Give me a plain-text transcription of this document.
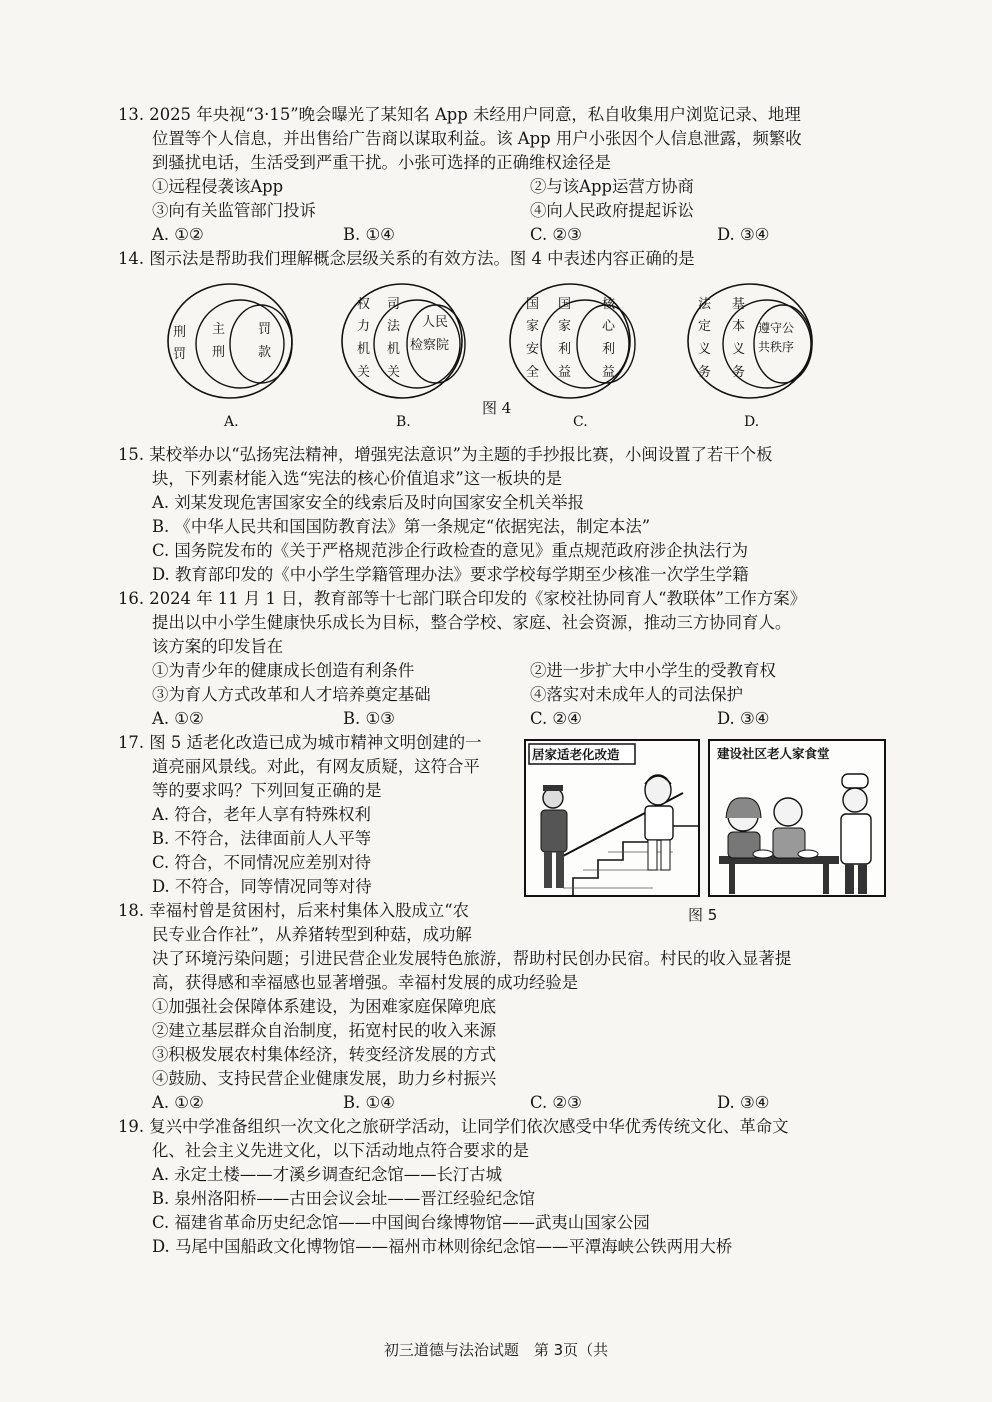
13. 2025 年央视“3·15”晚会曝光了某知名 App 未经用户同意，私自收集用户浏览记录、地理
位置等个人信息，并出售给广告商以谋取利益。该 App 用户小张因个人信息泄露，频繁收
到骚扰电话，生活受到严重干扰。小张可选择的正确维权途径是
①远程侵袭该App	②与该App运营方协商
③向有关监管部门投诉	④向人民政府提起诉讼
A. ①②	B. ①④	C. ②③	D. ③④
14. 图示法是帮助我们理解概念层级关系的有效方法。图 4 中表述内容正确的是
刑
罚
主
刑
罚
款
A.
权
力
机
关
司
法
机
关
人民
检察院
B.
图 4
国
家
安
全
国
家
利
益
核
心
利
益
C.
法
定
义
务
基
本
义
务
遵守公
共秩序
D.
15. 某校举办以“弘扬宪法精神，增强宪法意识”为主题的手抄报比赛，小闽设置了若干个板
块，下列素材能入选“宪法的核心价值追求”这一板块的是
A. 刘某发现危害国家安全的线索后及时向国家安全机关举报
B. 《中华人民共和国国防教育法》第一条规定“依据宪法，制定本法”
C. 国务院发布的《关于严格规范涉企行政检查的意见》重点规范政府涉企执法行为
D. 教育部印发的《中小学生学籍管理办法》要求学校每学期至少核准一次学生学籍
16. 2024 年 11 月 1 日，教育部等十七部门联合印发的《家校社协同育人“教联体”工作方案》
提出以中小学生健康快乐成长为目标，整合学校、家庭、社会资源，推动三方协同育人。
该方案的印发旨在
①为青少年的健康成长创造有利条件	②进一步扩大中小学生的受教育权
③为育人方式改革和人才培养奠定基础	④落实对未成年人的司法保护
A. ①②	B. ①③	C. ②④	D. ③④
17. 图 5 适老化改造已成为城市精神文明创建的一
道亮丽风景线。对此，有网友质疑，这符合平
等的要求吗？下列回复正确的是
A. 符合，老年人享有特殊权利
B. 不符合，法律面前人人平等
C. 符合，不同情况应差别对待
D. 不符合，同等情况同等对待
居家适老化改造	建设社区老人家食堂
图 5
18. 幸福村曾是贫困村，后来村集体入股成立“农
民专业合作社”，从养猪转型到种菇，成功解
决了环境污染问题；引进民营企业发展特色旅游，帮助村民创办民宿。村民的收入显著提
高，获得感和幸福感也显著增强。幸福村发展的成功经验是
①加强社会保障体系建设，为困难家庭保障兜底
②建立基层群众自治制度，拓宽村民的收入来源
③积极发展农村集体经济，转变经济发展的方式
④鼓励、支持民营企业健康发展，助力乡村振兴
A. ①②	B. ①④	C. ②③	D. ③④
19. 复兴中学准备组织一次文化之旅研学活动，让同学们依次感受中华优秀传统文化、革命文
化、社会主义先进文化，以下活动地点符合要求的是
A. 永定土楼——才溪乡调查纪念馆——长汀古城
B. 泉州洛阳桥——古田会议会址——晋江经验纪念馆
C. 福建省革命历史纪念馆——中国闽台缘博物馆——武夷山国家公园
D. 马尾中国船政文化博物馆——福州市林则徐纪念馆——平潭海峡公铁两用大桥
初三道德与法治试题　第 3页（共
